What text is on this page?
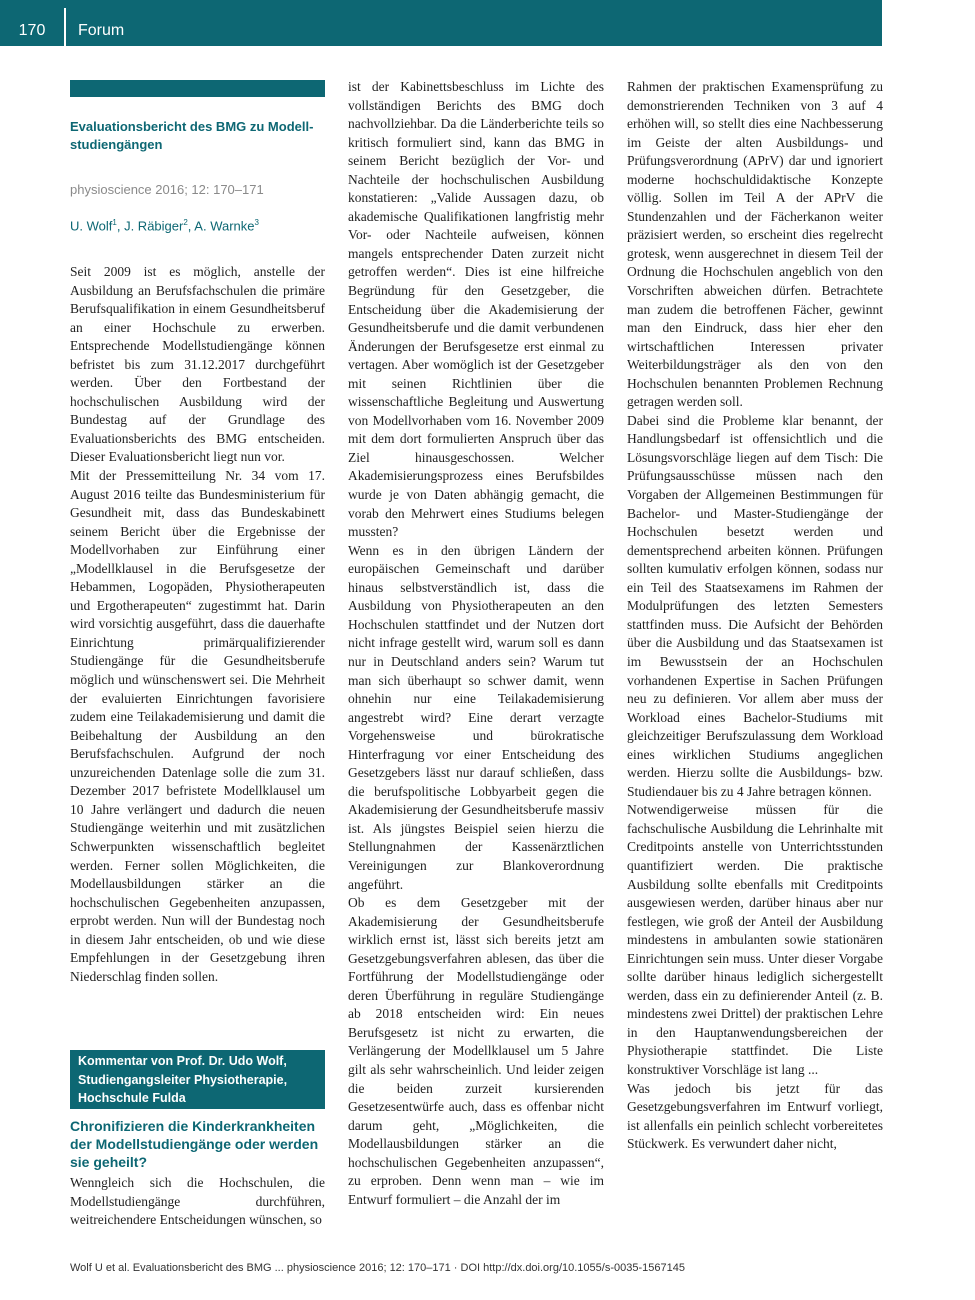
170	Forum
Evaluationsbericht des BMG zu Modellstudiengängen
physioscience 2016; 12: 170–171
U. Wolf$^1$, J. Räbiger$^2$, A. Warnke$^3$

Seit 2009 ist es möglich, anstelle der Ausbildung an Berufsfachschulen die primäre Berufsqualifikation in einem Gesundheitsberuf an einer Hochschule zu erwerben. Entsprechende Modellstudiengänge können befristet bis zum 31.12.2017 durchgeführt werden. Über den Fortbestand der hochschulischen Ausbildung wird der Bundestag auf der Grundlage des Evaluationsberichts des BMG entscheiden. Dieser Evaluationsbericht liegt nun vor.

Mit der Pressemitteilung Nr. 34 vom 17. August 2016 teilte das Bundesministerium für Gesundheit mit, dass das Bundeskabinett seinem Bericht über die Ergebnisse der Modellvorhaben zur Einführung einer „Modellklausel in die Berufsgesetze der Hebammen, Logopäden, Physiotherapeuten und Ergotherapeuten“ zugestimmt hat. Darin wird vorsichtig ausgeführt, dass die dauerhafte Einrichtung primärqualifizierender Studiengänge für die Gesundheitsberufe möglich und wünschenswert sei. Die Mehrheit der evaluierten Einrichtungen favorisiere zudem eine Teilakademisierung und damit die Beibehaltung der Ausbildung an den Berufsfachschulen. Aufgrund der noch unzureichenden Datenlage solle die zum 31. Dezember 2017 befristete Modellklausel um 10 Jahre verlängert und dadurch die neuen Studiengänge weiterhin und mit zusätzlichen Schwerpunkten wissenschaftlich begleitet werden. Ferner sollen Möglichkeiten, die Modellausbildungen stärker an die hochschulischen Gegebenheiten anzupassen, erprobt werden. Nun will der Bundestag noch in diesem Jahr entscheiden, ob und wie diese Empfehlungen in der Gesetzgebung ihren Niederschlag finden sollen.

Kommentar von Prof. Dr. Udo Wolf,
Studiengangsleiter Physiotherapie,
Hochschule Fulda
Chronifizieren die Kinderkrankheiten der Modellstudiengänge oder werden sie geheilt?

Wenngleich sich die Hochschulen, die Modellstudiengänge durchführen, weitreichendere Entscheidungen wünschen, so

ist der Kabinettsbeschluss im Lichte des vollständigen Berichts des BMG doch nachvollziehbar. Da die Länderberichte teils so kritisch formuliert sind, kann das BMG in seinem Bericht bezüglich der Vor- und Nachteile der hochschulischen Ausbildung konstatieren: „Valide Aussagen dazu, ob akademische Qualifikationen langfristig mehr Vor- oder Nachteile aufweisen, können mangels entsprechender Daten zurzeit nicht getroffen werden“. Dies ist eine hilfreiche Begründung für den Gesetzgeber, die Entscheidung über die Akademisierung der Gesundheitsberufe und die damit verbundenen Änderungen der Berufsgesetze erst einmal zu vertagen. Aber womöglich ist der Gesetzgeber mit seinen Richtlinien über die wissenschaftliche Begleitung und Auswertung von Modellvorhaben vom 16. November 2009 mit dem dort formulierten Anspruch über das Ziel hinausgeschossen. Welcher Akademisierungsprozess eines Berufsbildes wurde je von Daten abhängig gemacht, die vorab den Mehrwert eines Studiums belegen mussten?

Wenn es in den übrigen Ländern der europäischen Gemeinschaft und darüber hinaus selbstverständlich ist, dass die Ausbildung von Physiotherapeuten an den Hochschulen stattfindet und der Nutzen dort nicht infrage gestellt wird, warum soll es dann nur in Deutschland anders sein? Warum tut man sich überhaupt so schwer damit, wenn ohnehin nur eine Teilakademisierung angestrebt wird? Eine derart verzagte Vorgehensweise und bürokratische Hinterfragung vor einer Entscheidung des Gesetzgebers lässt nur darauf schließen, dass die berufspolitische Lobbyarbeit gegen die Akademisierung der Gesundheitsberufe massiv ist. Als jüngstes Beispiel seien hierzu die Stellungnahmen der Kassenärztlichen Vereinigungen zur Blankoverordnung angeführt.

Ob es dem Gesetzgeber mit der Akademisierung der Gesundheitsberufe wirklich ernst ist, lässt sich bereits jetzt am Gesetzgebungsverfahren ablesen, das über die Fortführung der Modellstudiengänge oder deren Überführung in reguläre Studiengänge ab 2018 entscheiden wird: Ein neues Berufsgesetz ist nicht zu erwarten, die Verlängerung der Modellklausel um 5 Jahre gilt als sehr wahrscheinlich. Und leider zeigen die beiden zurzeit kursierenden Gesetzesentwürfe auch, dass es offenbar nicht darum geht, „Möglichkeiten, die Modellausbildungen stärker an die hochschulischen Gegebenheiten anzupassen“, zu erproben. Denn wenn man – wie im Entwurf formuliert – die Anzahl der im

Rahmen der praktischen Examensprüfung zu demonstrierenden Techniken von 3 auf 4 erhöhen will, so stellt dies eine Nachbesserung im Geiste der alten Ausbildungs- und Prüfungsverordnung (APrV) dar und ignoriert moderne hochschuldidaktische Konzepte völlig. Sollen im Teil A der APrV die Stundenzahlen und der Fächerkanon weiter präzisiert werden, so erscheint dies regelrecht grotesk, wenn ausgerechnet in diesem Teil der Ordnung die Hochschulen angeblich von den Vorschriften abweichen dürfen. Betrachtete man zudem die betroffenen Fächer, gewinnt man den Eindruck, dass hier eher den wirtschaftlichen Interessen privater Weiterbildungsträger als den von den Hochschulen benannten Problemen Rechnung getragen werden soll.

Dabei sind die Probleme klar benannt, der Handlungsbedarf ist offensichtlich und die Lösungsvorschläge liegen auf dem Tisch: Die Prüfungsausschüsse müssen nach den Vorgaben der Allgemeinen Bestimmungen für Bachelor- und Master-Studiengänge der Hochschulen besetzt werden und dementsprechend arbeiten können. Prüfungen sollten kumulativ erfolgen können, sodass nur ein Teil des Staatsexamens im Rahmen der Modulprüfungen des letzten Semesters stattfinden muss. Die Aufsicht der Behörden über die Ausbildung und das Staatsexamen ist im Bewusstsein der an Hochschulen vorhandenen Expertise in Sachen Prüfungen neu zu definieren. Vor allem aber muss der Workload eines Bachelor-Studiums mit gleichzeitiger Berufszulassung dem Workload eines wirklichen Studiums angeglichen werden. Hierzu sollte die Ausbildungs- bzw. Studiendauer bis zu 4 Jahre betragen können.

Notwendigerweise müssen für die fachschulische Ausbildung die Lehrinhalte mit Creditpoints anstelle von Unterrichtsstunden quantifiziert werden. Die praktische Ausbildung sollte ebenfalls mit Creditpoints ausgewiesen werden, darüber hinaus aber nur festlegen, wie groß der Anteil der Ausbildung mindestens in ambulanten sowie stationären Einrichtungen sein muss. Unter dieser Vorgabe sollte darüber hinaus lediglich sichergestellt werden, dass ein zu definierender Anteil (z. B. mindestens zwei Drittel) der praktischen Lehre in den Hauptanwendungsbereichen der Physiotherapie stattfindet. Die Liste konstruktiver Vorschläge ist lang ...

Was jedoch bis jetzt für das Gesetzgebungsverfahren im Entwurf vorliegt, ist allenfalls ein peinlich schlecht vorbereitetes Stückwerk. Es verwundert daher nicht,

Wolf U et al. Evaluationsbericht des BMG ... physioscience 2016; 12: 170–171 · DOI http://dx.doi.org/10.1055/s-0035-1567145
